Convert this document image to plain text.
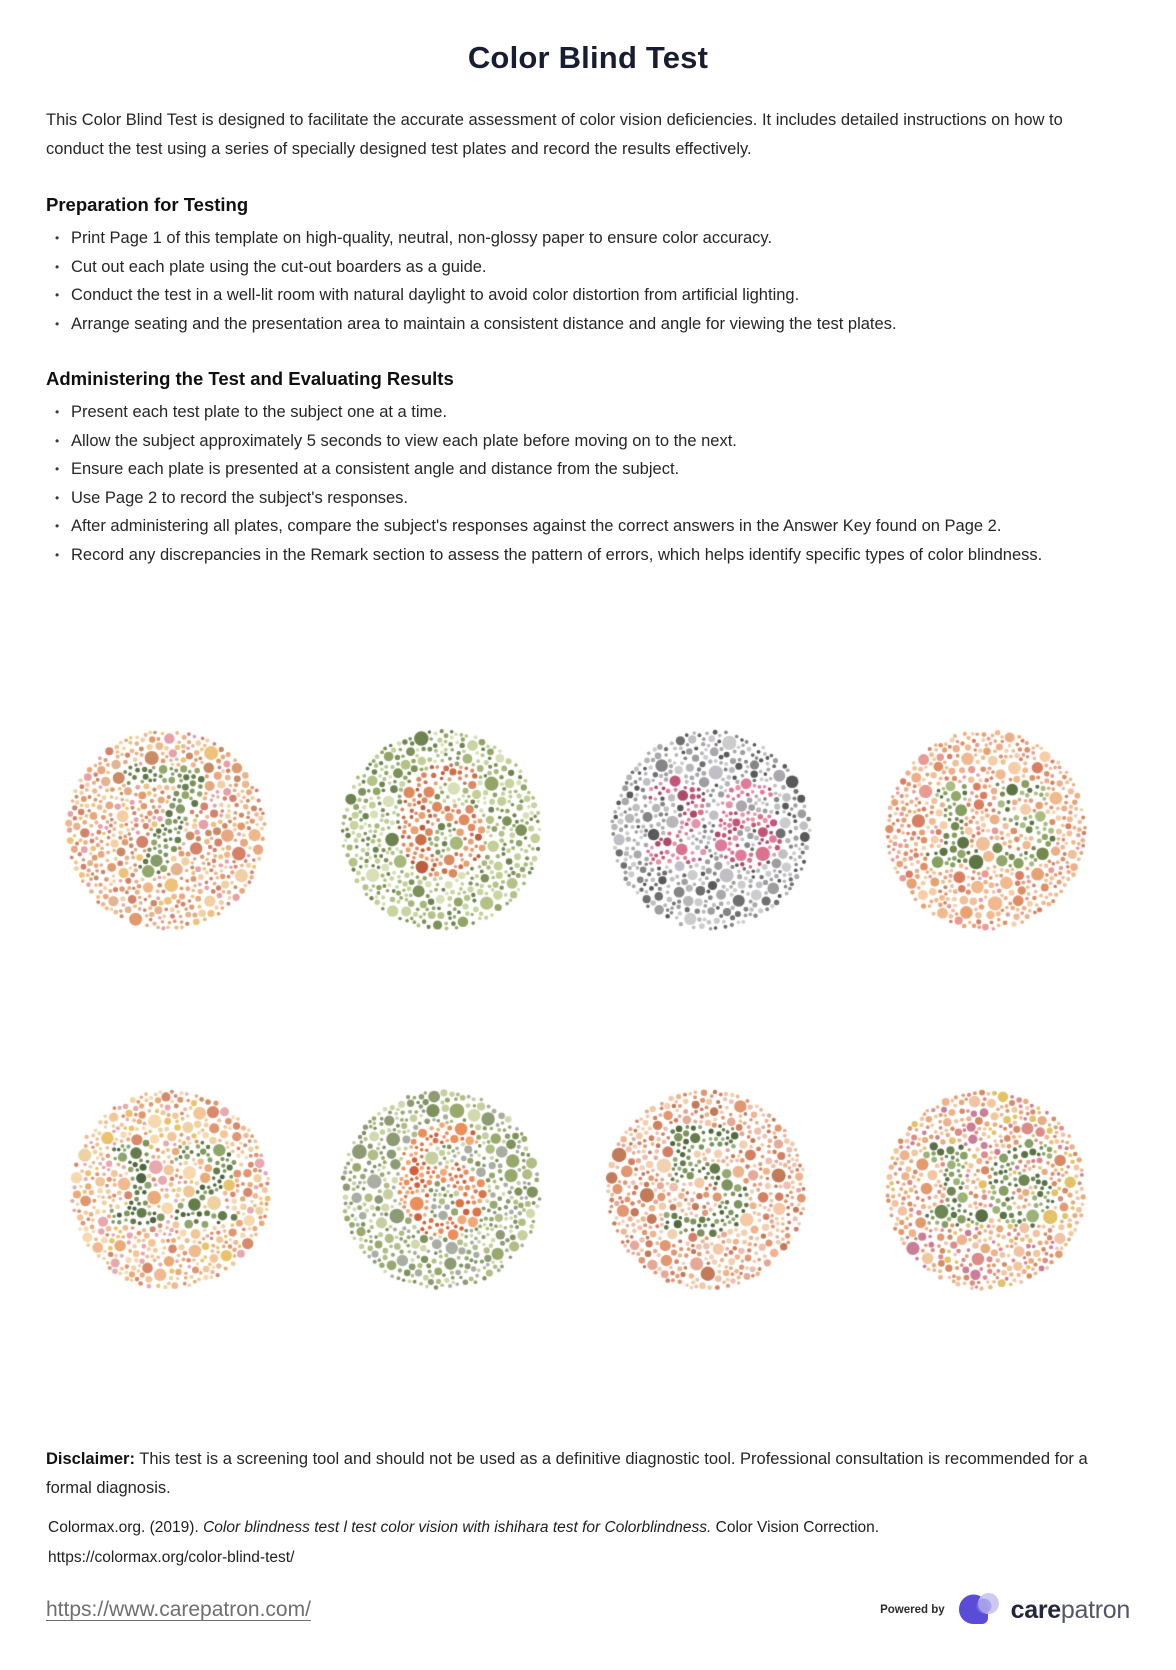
Color Blind Test

This Color Blind Test is designed to facilitate the accurate assessment of color vision deficiencies. It includes detailed instructions on how to conduct the test using a series of specially designed test plates and record the results effectively.

Preparation for Testing
• Print Page 1 of this template on high-quality, neutral, non-glossy paper to ensure color accuracy.
• Cut out each plate using the cut-out boarders as a guide.
• Conduct the test in a well-lit room with natural daylight to avoid color distortion from artificial lighting.
• Arrange seating and the presentation area to maintain a consistent distance and angle for viewing the test plates.
Administering the Test and Evaluating Results
• Present each test plate to the subject one at a time.
• Allow the subject approximately 5 seconds to view each plate before moving on to the next.
• Ensure each plate is presented at a consistent angle and distance from the subject.
• Use Page 2 to record the subject's responses.
• After administering all plates, compare the subject's responses against the correct answers in the Answer Key found on Page 2.
• Record any discrepancies in the Remark section to assess the pattern of errors, which helps identify specific types of color blindness.

Disclaimer: This test is a screening tool and should not be used as a definitive diagnostic tool. Professional consultation is recommended for a formal diagnosis.

Colormax.org. (2019). Color blindness test l test color vision with ishihara test for Colorblindness. Color Vision Correction.
https://colormax.org/color-blind-test/
https://www.carepatron.com/	Powered by	carepatron
